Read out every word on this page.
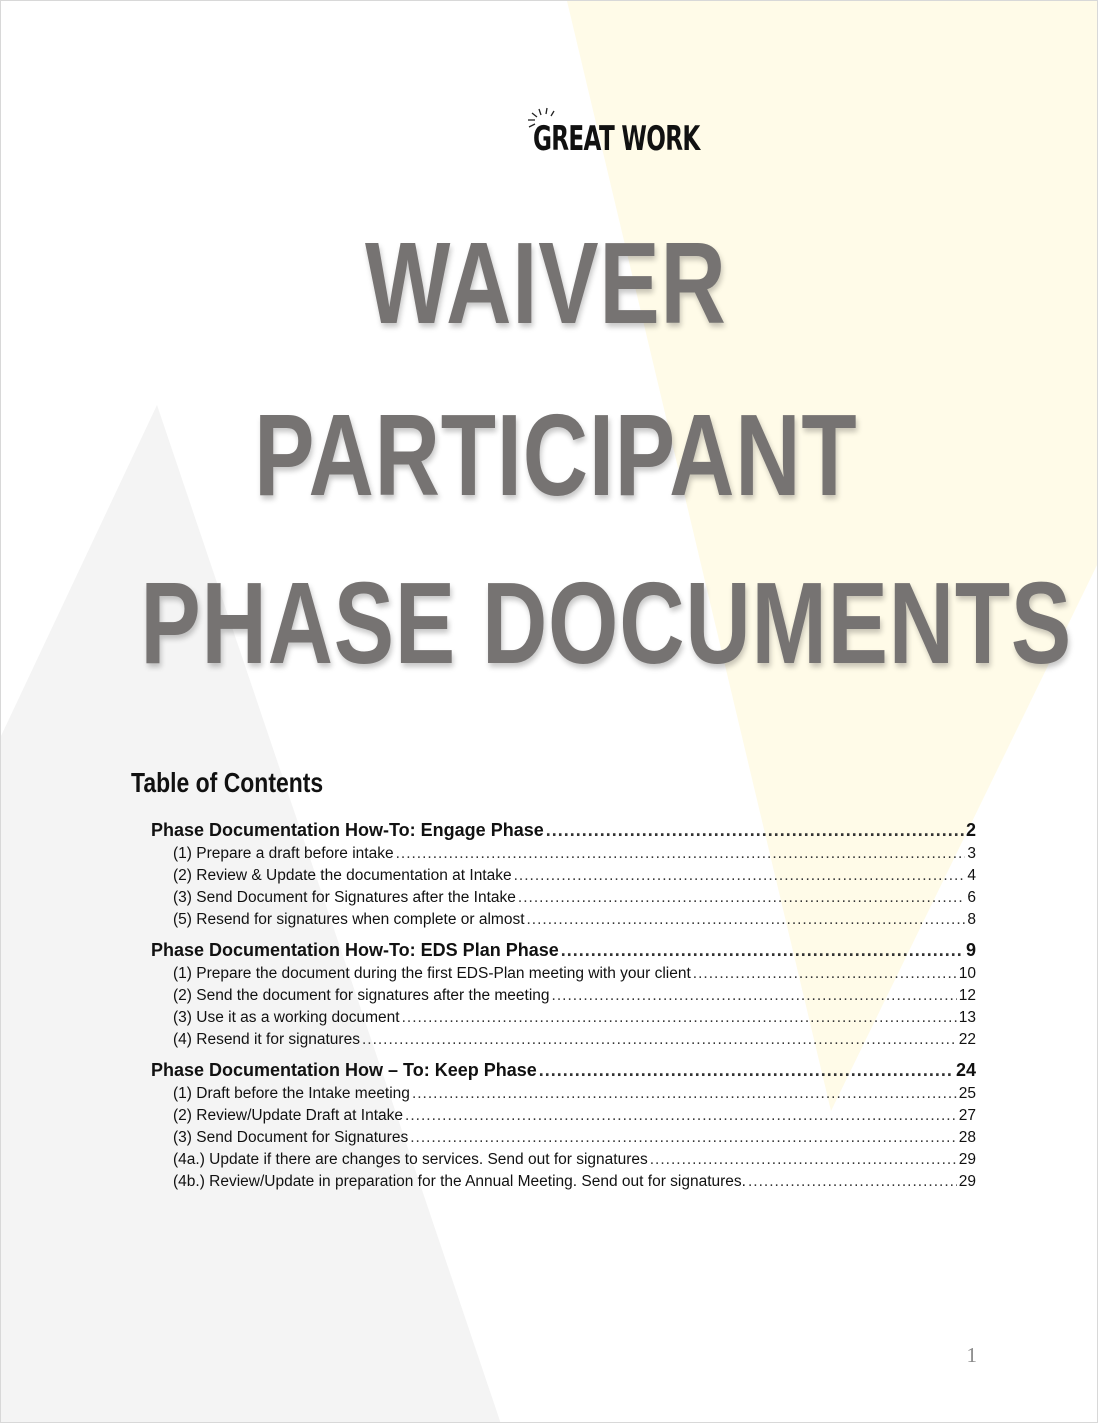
GREAT WORK
WAIVER
PARTICIPANT
PHASE DOCUMENTS
Table of Contents
Phase Documentation How-To: Engage Phase .....	2
(1) Prepare a draft before intake .....	3
(2) Review & Update the documentation at Intake .....	4
(3) Send Document for Signatures after the Intake .....	6
(5) Resend for signatures when complete or almost .....	8
Phase Documentation How-To: EDS Plan Phase .....	9
(1) Prepare the document during the first EDS-Plan meeting with your client .....	10
(2) Send the document for signatures after the meeting .....	12
(3) Use it as a working document .....	13
(4) Resend it for signatures .....	22
Phase Documentation How – To: Keep Phase .....	24
(1) Draft before the Intake meeting .....	25
(2) Review/Update Draft at Intake .....	27
(3) Send Document for Signatures .....	28
(4a.) Update if there are changes to services. Send out for signatures .....	29
(4b.) Review/Update in preparation for the Annual Meeting. Send out for signatures. .....	29
1
